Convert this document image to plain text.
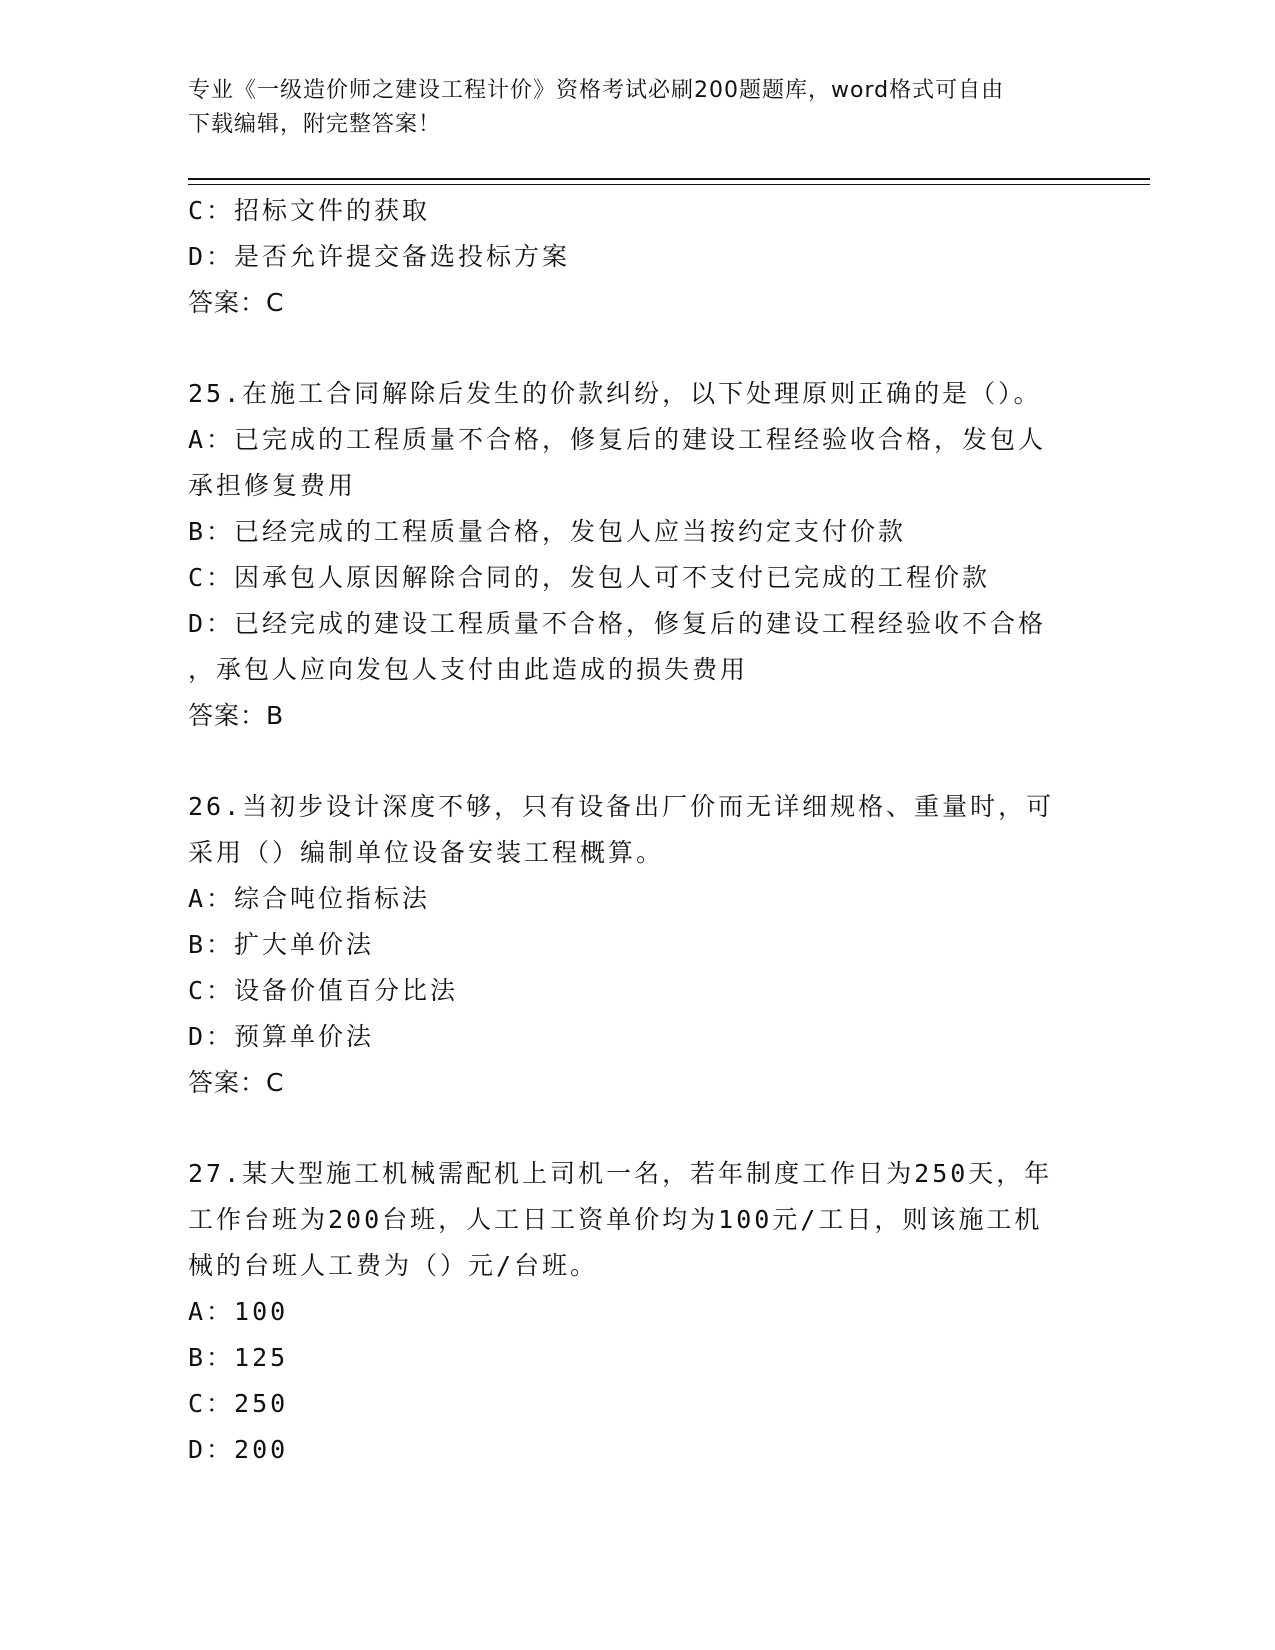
专业《一级造价师之建设工程计价》资格考试必刷200题题库，word格式可自由
下载编辑，附完整答案！

C：招标文件的获取

D：是否允许提交备选投标方案

答案：C

25.在施工合同解除后发生的价款纠纷，以下处理原则正确的是（）。

A：已完成的工程质量不合格，修复后的建设工程经验收合格，发包人

承担修复费用

B：已经完成的工程质量合格，发包人应当按约定支付价款

C：因承包人原因解除合同的，发包人可不支付已完成的工程价款

D：已经完成的建设工程质量不合格，修复后的建设工程经验收不合格

，承包人应向发包人支付由此造成的损失费用

答案：B

26.当初步设计深度不够，只有设备出厂价而无详细规格、重量时，可

采用（）编制单位设备安装工程概算。

A：综合吨位指标法

B：扩大单价法

C：设备价值百分比法

D：预算单价法

答案：C

27.某大型施工机械需配机上司机一名，若年制度工作日为250天，年

工作台班为200台班，人工日工资单价均为100元/工日，则该施工机

械的台班人工费为（）元/台班。

A：100

B：125

C：250

D：200
